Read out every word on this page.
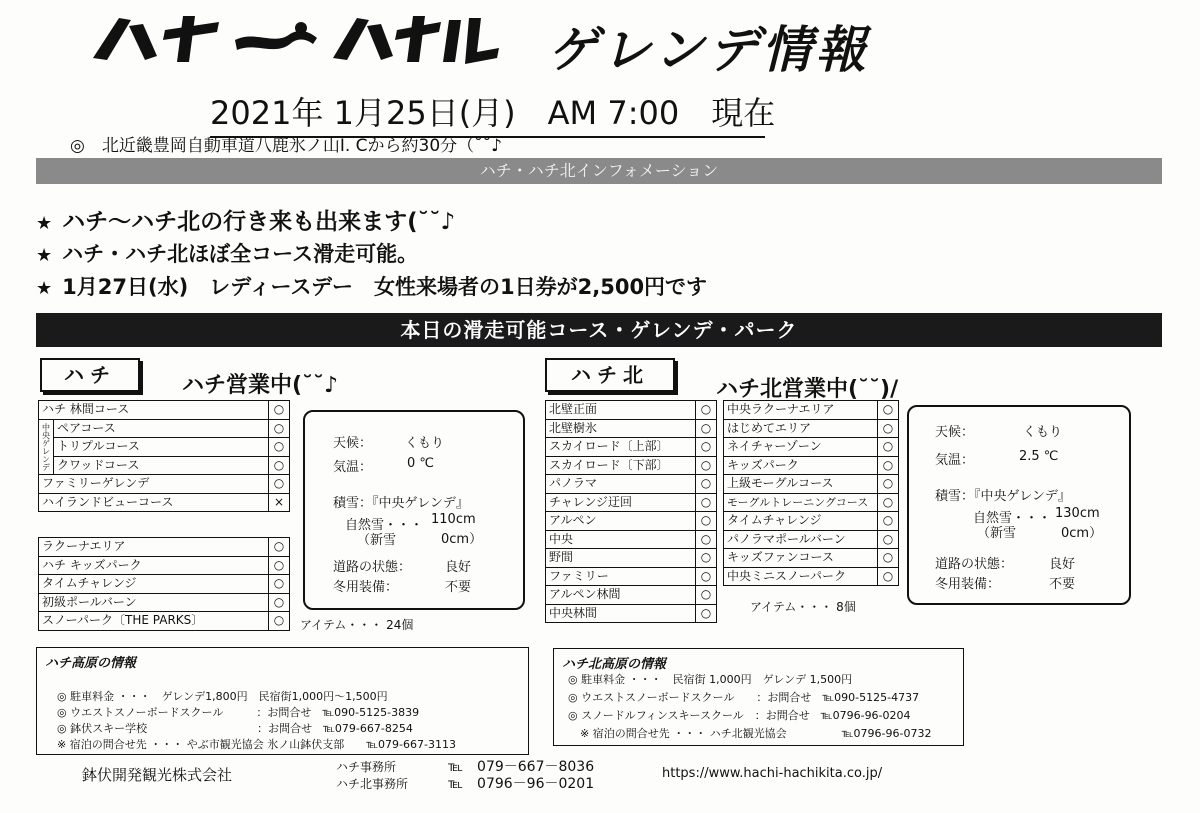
ゲレンデ情報
2021年 1月25日(月)　AM 7:00　現在
◎　北近畿豊岡自動車道八鹿氷ノ山I. Cから約30分（˘˘♪
ハチ・ハチ北インフォメーション
★ ハチ～ハチ北の行き来も出来ます(˘˘♪
★ ハチ・ハチ北ほぼ全コース滑走可能。
★ 1月27日(水)　レディースデー　女性来場者の1日券が2,500円です
本日の滑走可能コース・ゲレンデ・パーク
ハチ	ハチ営業中(˘˘♪
ハチ 林間コース		○
中央ゲレンデ	ペアコース	○
	トリプルコース	○
	クワッドコース	○
ファミリーゲレンデ		○
ハイランドビューコース		×
ラクーナエリア	○
ハチ キッズパーク	○
タイムチャレンジ	○
初級ポールバーン	○
スノーパーク〔THE PARKS〕	○ アイテム・・・ 24個
天候：	くもり
気温：	0 ℃
積雪：『中央ゲレンデ』
自然雪・・・ 110cm
（新雪	0cm）
道路の状態：	良好
冬用装備：	不要
ハチ高原の情報
◎ 駐車料金 ・・・　ゲレンデ1,800円　民宿街1,000円～1,500円
◎ ウエストスノーボードスクール　　　：お問合せ　℡090-5125-3839
◎ 鉢伏スキー学校　　　　　　　　　　：お問合せ　℡079-667-8254
※ 宿泊の問合せ先 ・・・ やぶ市観光協会 氷ノ山鉢伏支部　　℡079-667-3113
ハチ北
ハチ北営業中(˘˘)/
北壁正面	○
北壁樹氷	○
スカイロード〔上部〕	○
スカイロード〔下部〕	○
パノラマ	○
チャレンジ迂回	○
アルペン	○
中央	○
野間	○
ファミリー	○
アルペン林間	○
中央林間	○
中央ラクーナエリア	○
はじめてエリア	○
ネイチャーゾーン	○
キッズパーク	○
上級モーグルコース	○
モーグルトレーニングコース	○
タイムチャレンジ	○
パノラマポールバーン	○
キッズファンコース	○
中央ミニスノーパーク	○
アイテム・・・ 8個
天候：	くもり
気温：	2.5 ℃
積雪：『中央ゲレンデ』
自然雪・・・ 130cm
（新雪	0cm）
道路の状態：	良好
冬用装備：	不要
ハチ北高原の情報
◎ 駐車料金 ・・・　民宿街 1,000円　ゲレンデ 1,500円
◎ ウエストスノーボードスクール　　：お問合せ　℡090-5125-4737
◎ スノードルフィンスキースクール　：お問合せ　℡0796-96-0204
※ 宿泊の問合せ先 ・・・ ハチ北観光協会　　　　　℡0796-96-0732
鉢伏開発観光株式会社	ハチ事務所	℡　079－667－8036
ハチ北事務所	℡　0796－96－0201
https://www.hachi-hachikita.co.jp/
